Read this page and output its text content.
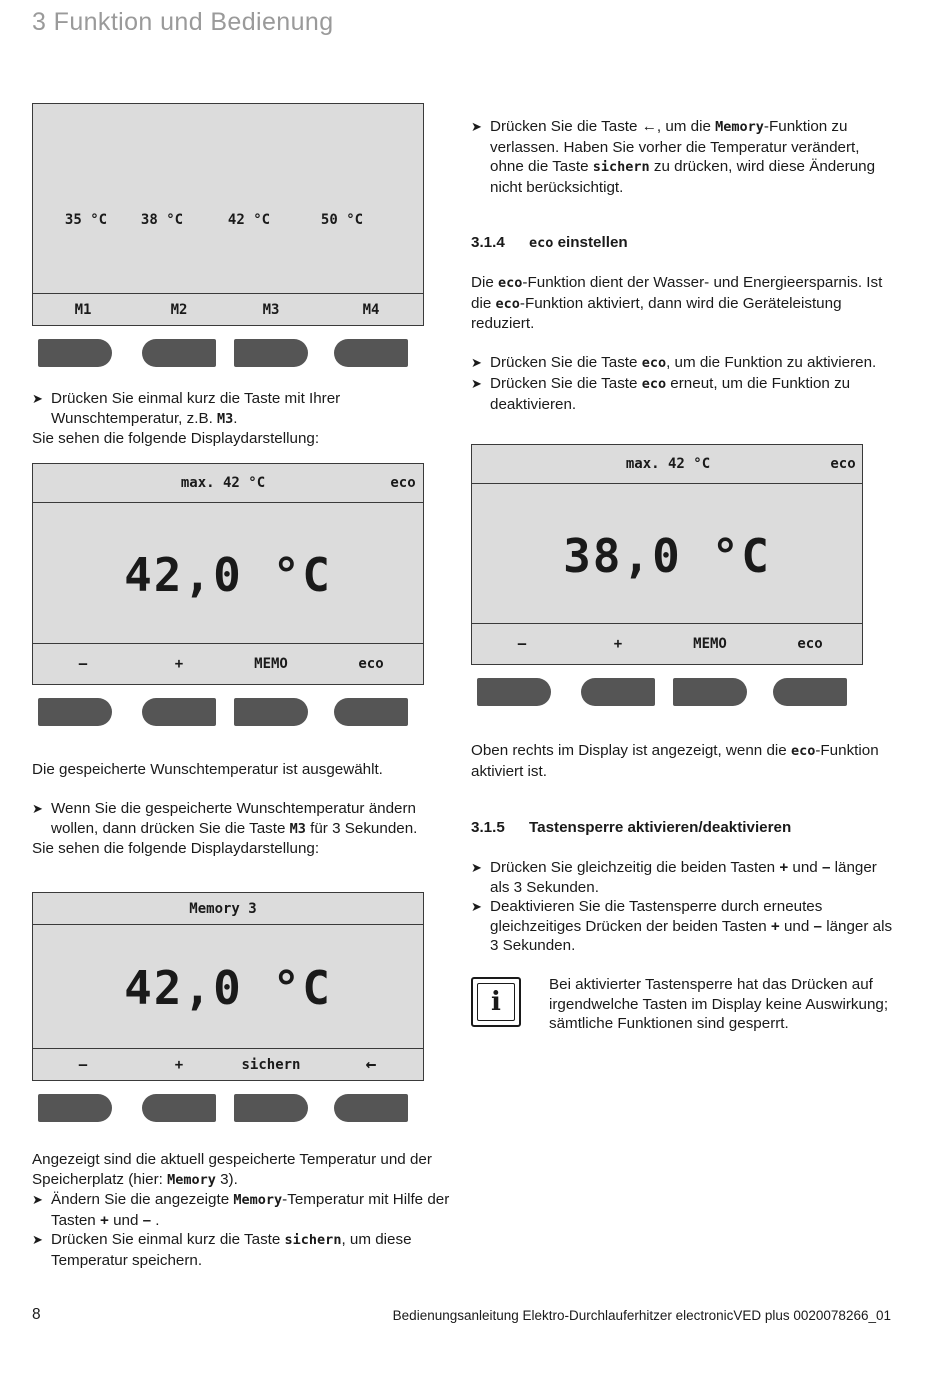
3 Funktion und Bedienung
35 °C	38 °C	42 °C	50 °C
M1	M2	M3	M4
➤ Drücken Sie einmal kurz die Taste mit Ihrer Wunschtemperatur, z.B. M3.
Sie sehen die folgende Displaydarstellung:
max. 42 °C	eco
42,0 °C
–	+	MEMO	eco
Die gespeicherte Wunschtemperatur ist ausgewählt.
➤ Wenn Sie die gespeicherte Wunschtemperatur ändern wollen, dann drücken Sie die Taste M3 für 3 Sekunden.
Sie sehen die folgende Displaydarstellung:
Memory 3
42,0 °C
–	+	sichern	←
Angezeigt sind die aktuell gespeicherte Temperatur und der Speicherplatz (hier: Memory 3).
➤ Ändern Sie die angezeigte Memory-Temperatur mit Hilfe der Tasten + und – .
➤ Drücken Sie einmal kurz die Taste sichern, um diese Temperatur speichern.
➤ Drücken Sie die Taste ←, um die Memory-Funktion zu verlassen. Haben Sie vorher die Temperatur verändert, ohne die Taste sichern zu drücken, wird diese Änderung nicht berücksichtigt.
3.1.4 eco einstellen
Die eco-Funktion dient der Wasser- und Energieersparnis. Ist die eco-Funktion aktiviert, dann wird die Geräteleistung reduziert.
➤ Drücken Sie die Taste eco, um die Funktion zu aktivieren.
➤ Drücken Sie die Taste eco erneut, um die Funktion zu deaktivieren.
max. 42 °C	eco
38,0 °C
–	+	MEMO	eco
Oben rechts im Display ist angezeigt, wenn die eco-Funktion aktiviert ist.
3.1.5 Tastensperre aktivieren/deaktivieren
➤ Drücken Sie gleichzeitig die beiden Tasten + und – länger als 3 Sekunden.
➤ Deaktivieren Sie die Tastensperre durch erneutes gleichzeitiges Drücken der beiden Tasten + und – länger als 3 Sekunden.
i
Bei aktivierter Tastensperre hat das Drücken auf irgendwelche Tasten im Display keine Auswirkung; sämtliche Funktionen sind gesperrt.
8	Bedienungsanleitung Elektro-Durchlauferhitzer electronicVED plus 0020078266_01
